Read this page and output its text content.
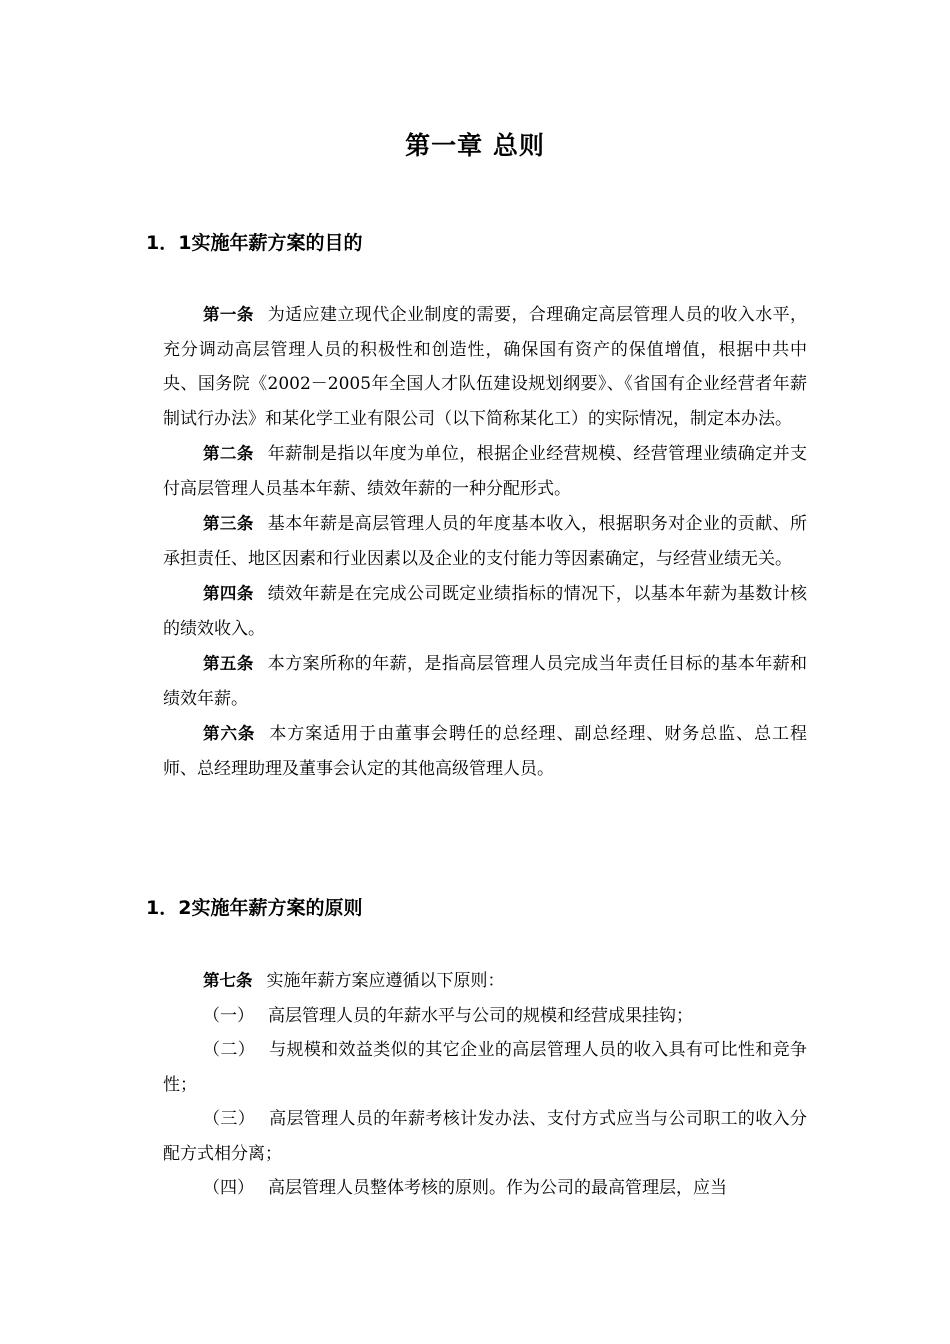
第一章 总则
1．1实施年薪方案的目的

第一条 为适应建立现代企业制度的需要，合理确定高层管理人员的收入水平，充分调动高层管理人员的积极性和创造性，确保国有资产的保值增值，根据中共中央、国务院《2002－2005年全国人才队伍建设规划纲要》、《省国有企业经营者年薪制试行办法》和某化学工业有限公司（以下简称某化工）的实际情况，制定本办法。

第二条 年薪制是指以年度为单位，根据企业经营规模、经营管理业绩确定并支付高层管理人员基本年薪、绩效年薪的一种分配形式。

第三条 基本年薪是高层管理人员的年度基本收入，根据职务对企业的贡献、所承担责任、地区因素和行业因素以及企业的支付能力等因素确定，与经营业绩无关。

第四条 绩效年薪是在完成公司既定业绩指标的情况下，以基本年薪为基数计核的绩效收入。

第五条 本方案所称的年薪，是指高层管理人员完成当年责任目标的基本年薪和绩效年薪。

第六条 本方案适用于由董事会聘任的总经理、副总经理、财务总监、总工程师、总经理助理及董事会认定的其他高级管理人员。

1．2实施年薪方案的原则

第七条 实施年薪方案应遵循以下原则：

（一） 高层管理人员的年薪水平与公司的规模和经营成果挂钩；

（二） 与规模和效益类似的其它企业的高层管理人员的收入具有可比性和竞争性；

（三） 高层管理人员的年薪考核计发办法、支付方式应当与公司职工的收入分配方式相分离；

（四） 高层管理人员整体考核的原则。作为公司的最高管理层，应当
